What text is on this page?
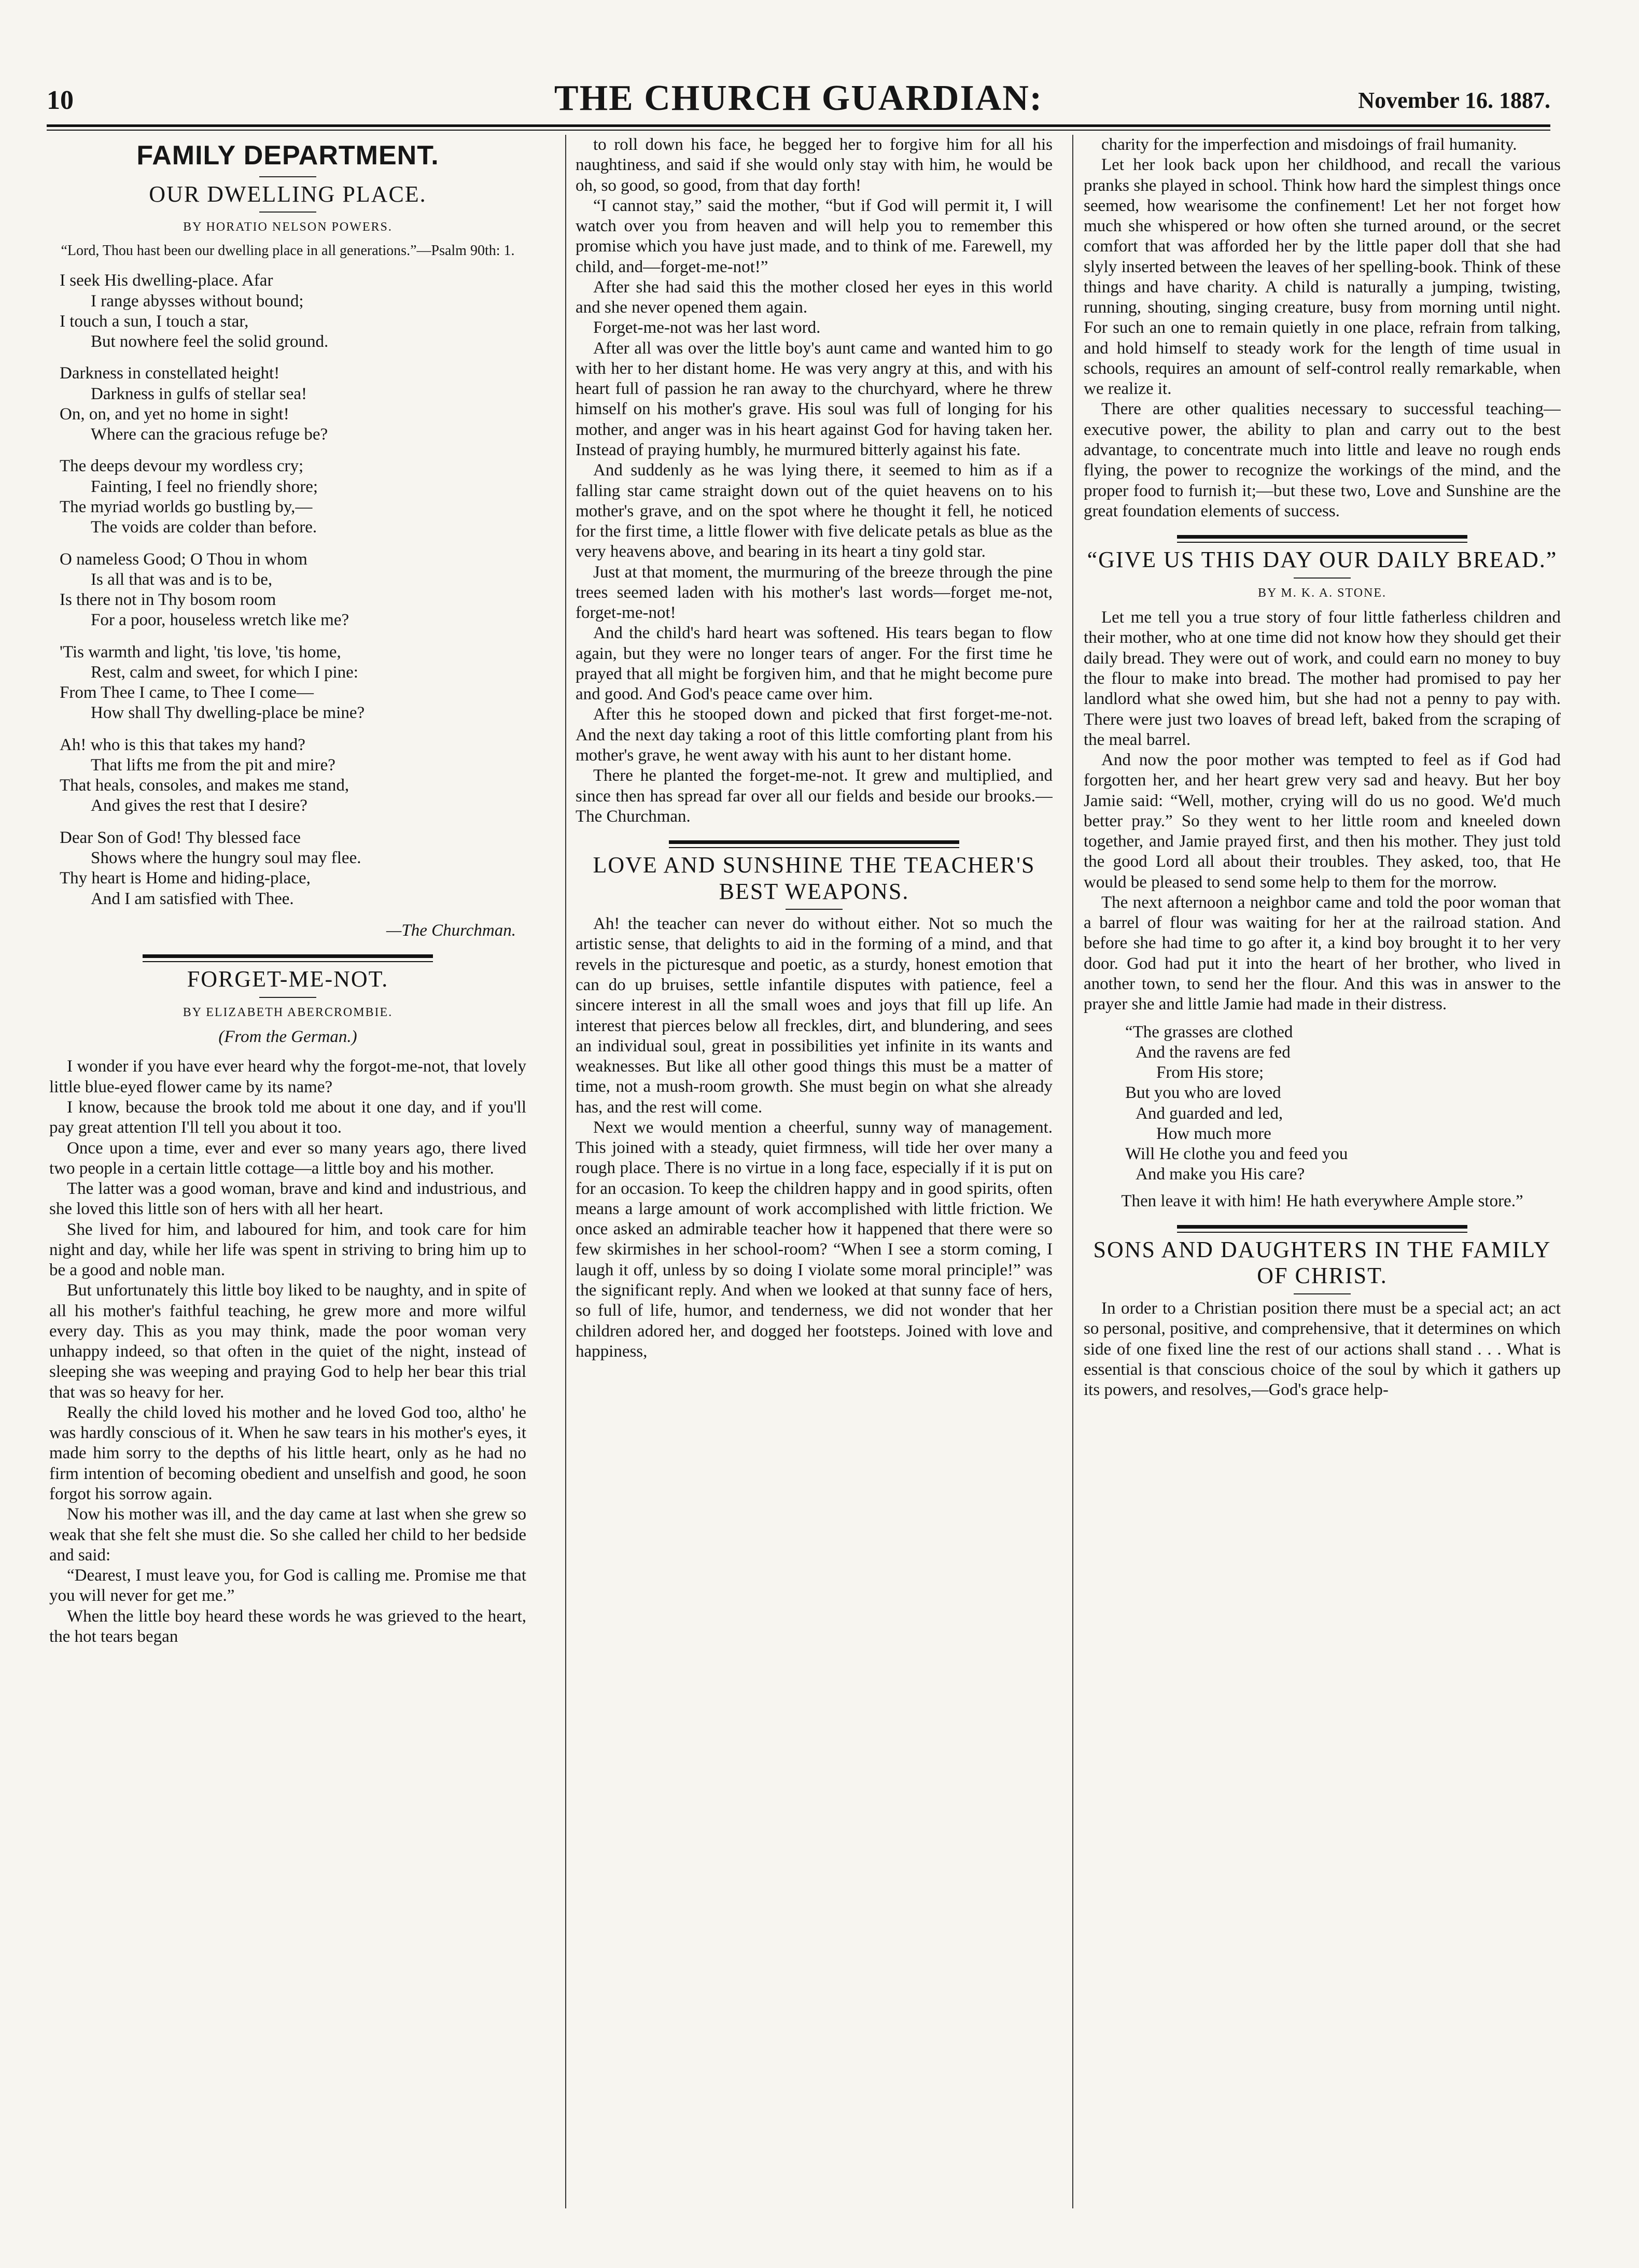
10	THE CHURCH GUARDIAN:	November 16. 1887.
FAMILY DEPARTMENT.
OUR DWELLING PLACE.
BY HORATIO NELSON POWERS.
“Lord, Thou hast been our dwelling place in all generations.”—Psalm 90th: 1.
I seek His dwelling-place. Afar
I range abysses without bound;
I touch a sun, I touch a star,
But nowhere feel the solid ground.
Darkness in constellated height!
Darkness in gulfs of stellar sea!
On, on, and yet no home in sight!
Where can the gracious refuge be?
The deeps devour my wordless cry;
Fainting, I feel no friendly shore;
The myriad worlds go bustling by,—
The voids are colder than before.
O nameless Good; O Thou in whom
Is all that was and is to be,
Is there not in Thy bosom room
For a poor, houseless wretch like me?
'Tis warmth and light, 'tis love, 'tis home,
Rest, calm and sweet, for which I pine:
From Thee I came, to Thee I come—
How shall Thy dwelling-place be mine?
Ah! who is this that takes my hand?
That lifts me from the pit and mire?
That heals, consoles, and makes me stand,
And gives the rest that I desire?
Dear Son of God! Thy blessed face
Shows where the hungry soul may flee.
Thy heart is Home and hiding-place,
And I am satisfied with Thee.
—The Churchman.
FORGET-ME-NOT.
BY ELIZABETH ABERCROMBIE.
(From the German.)

I wonder if you have ever heard why the forgot-me-not, that lovely little blue-eyed flower came by its name?

I know, because the brook told me about it one day, and if you'll pay great attention I'll tell you about it too.

Once upon a time, ever and ever so many years ago, there lived two people in a certain little cottage—a little boy and his mother.

The latter was a good woman, brave and kind and industrious, and she loved this little son of hers with all her heart.

She lived for him, and laboured for him, and took care for him night and day, while her life was spent in striving to bring him up to be a good and noble man.

But unfortunately this little boy liked to be naughty, and in spite of all his mother's faithful teaching, he grew more and more wilful every day. This as you may think, made the poor woman very unhappy indeed, so that often in the quiet of the night, instead of sleeping she was weeping and praying God to help her bear this trial that was so heavy for her.

Really the child loved his mother and he loved God too, altho' he was hardly conscious of it. When he saw tears in his mother's eyes, it made him sorry to the depths of his little heart, only as he had no firm intention of becoming obedient and unselfish and good, he soon forgot his sorrow again.

Now his mother was ill, and the day came at last when she grew so weak that she felt she must die. So she called her child to her bedside and said:

“Dearest, I must leave you, for God is calling me. Promise me that you will never for get me.”

When the little boy heard these words he was grieved to the heart, the hot tears began

to roll down his face, he begged her to forgive him for all his naughtiness, and said if she would only stay with him, he would be oh, so good, so good, from that day forth!

“I cannot stay,” said the mother, “but if God will permit it, I will watch over you from heaven and will help you to remember this promise which you have just made, and to think of me. Farewell, my child, and—forget-me-not!”

After she had said this the mother closed her eyes in this world and she never opened them again.

Forget-me-not was her last word.

After all was over the little boy's aunt came and wanted him to go with her to her distant home. He was very angry at this, and with his heart full of passion he ran away to the churchyard, where he threw himself on his mother's grave. His soul was full of longing for his mother, and anger was in his heart against God for having taken her. Instead of praying humbly, he murmured bitterly against his fate.

And suddenly as he was lying there, it seemed to him as if a falling star came straight down out of the quiet heavens on to his mother's grave, and on the spot where he thought it fell, he noticed for the first time, a little flower with five delicate petals as blue as the very heavens above, and bearing in its heart a tiny gold star.

Just at that moment, the murmuring of the breeze through the pine trees seemed laden with his mother's last words—forget me-not, forget-me-not!

And the child's hard heart was softened. His tears began to flow again, but they were no longer tears of anger. For the first time he prayed that all might be forgiven him, and that he might become pure and good. And God's peace came over him.

After this he stooped down and picked that first forget-me-not. And the next day taking a root of this little comforting plant from his mother's grave, he went away with his aunt to her distant home.

There he planted the forget-me-not. It grew and multiplied, and since then has spread far over all our fields and beside our brooks.—The Churchman.

LOVE AND SUNSHINE THE TEACHER'S BEST WEAPONS.

Ah! the teacher can never do without either. Not so much the artistic sense, that delights to aid in the forming of a mind, and that revels in the picturesque and poetic, as a sturdy, honest emotion that can do up bruises, settle infantile disputes with patience, feel a sincere interest in all the small woes and joys that fill up life. An interest that pierces below all freckles, dirt, and blundering, and sees an individual soul, great in possibilities yet infinite in its wants and weaknesses. But like all other good things this must be a matter of time, not a mush-room growth. She must begin on what she already has, and the rest will come.

Next we would mention a cheerful, sunny way of management. This joined with a steady, quiet firmness, will tide her over many a rough place. There is no virtue in a long face, especially if it is put on for an occasion. To keep the children happy and in good spirits, often means a large amount of work accomplished with little friction. We once asked an admirable teacher how it happened that there were so few skirmishes in her school-room? “When I see a storm coming, I laugh it off, unless by so doing I violate some moral principle!” was the significant reply. And when we looked at that sunny face of hers, so full of life, humor, and tenderness, we did not wonder that her children adored her, and dogged her footsteps. Joined with love and happiness,

charity for the imperfection and misdoings of frail humanity.

Let her look back upon her childhood, and recall the various pranks she played in school. Think how hard the simplest things once seemed, how wearisome the confinement! Let her not forget how much she whispered or how often she turned around, or the secret comfort that was afforded her by the little paper doll that she had slyly inserted between the leaves of her spelling-book. Think of these things and have charity. A child is naturally a jumping, twisting, running, shouting, singing creature, busy from morning until night. For such an one to remain quietly in one place, refrain from talking, and hold himself to steady work for the length of time usual in schools, requires an amount of self-control really remarkable, when we realize it.

There are other qualities necessary to successful teaching—executive power, the ability to plan and carry out to the best advantage, to concentrate much into little and leave no rough ends flying, the power to recognize the workings of the mind, and the proper food to furnish it;—but these two, Love and Sunshine are the great foundation elements of success.

“GIVE US THIS DAY OUR DAILY BREAD.”
BY M. K. A. STONE.

Let me tell you a true story of four little fatherless children and their mother, who at one time did not know how they should get their daily bread. They were out of work, and could earn no money to buy the flour to make into bread. The mother had promised to pay her landlord what she owed him, but she had not a penny to pay with. There were just two loaves of bread left, baked from the scraping of the meal barrel.

And now the poor mother was tempted to feel as if God had forgotten her, and her heart grew very sad and heavy. But her boy Jamie said: “Well, mother, crying will do us no good. We'd much better pray.” So they went to her little room and kneeled down together, and Jamie prayed first, and then his mother. They just told the good Lord all about their troubles. They asked, too, that He would be pleased to send some help to them for the morrow.

The next afternoon a neighbor came and told the poor woman that a barrel of flour was waiting for her at the railroad station. And before she had time to go after it, a kind boy brought it to her very door. God had put it into the heart of her brother, who lived in another town, to send her the flour. And this was in answer to the prayer she and little Jamie had made in their distress.

“The grasses are clothed
And the ravens are fed
From His store;
But you who are loved
And guarded and led,
How much more
Will He clothe you and feed you
And make you His care?
Then leave it with him! He hath everywhere Ample store.”
SONS AND DAUGHTERS IN THE FAMILY OF CHRIST.

In order to a Christian position there must be a special act; an act so personal, positive, and comprehensive, that it determines on which side of one fixed line the rest of our actions shall stand . . . What is essential is that conscious choice of the soul by which it gathers up its powers, and resolves,—God's grace help-
